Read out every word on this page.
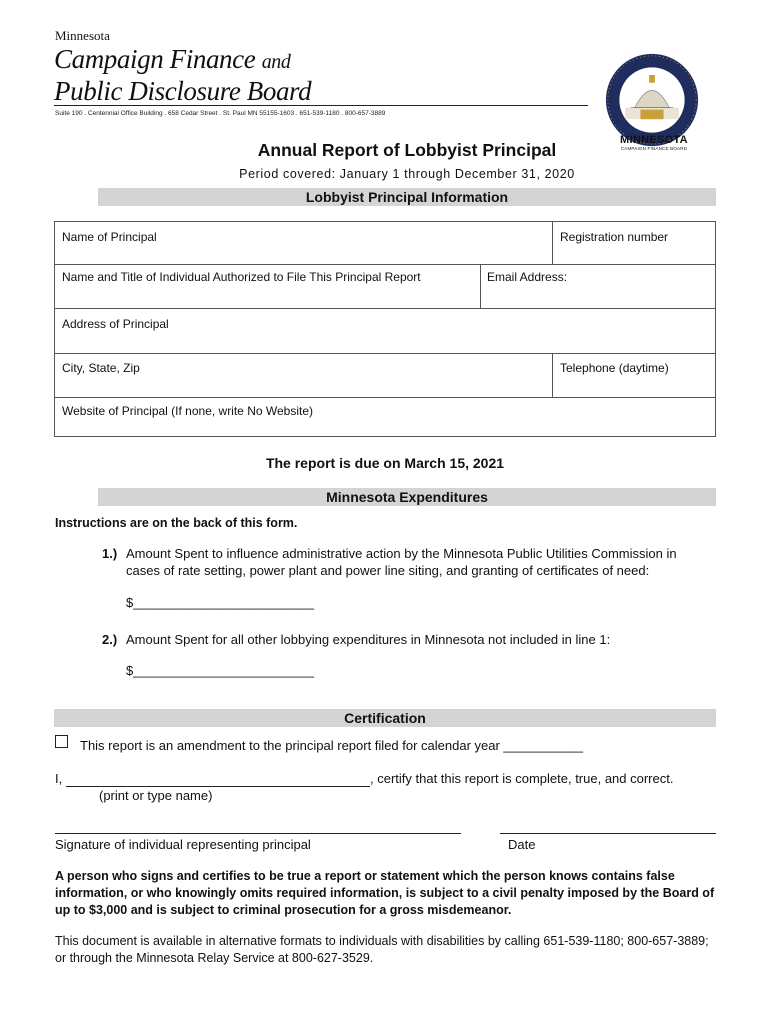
Minnesota
Campaign Finance and
Public Disclosure Board
Suite 190 . Centennial Office Building . 658 Cedar Street . St. Paul MN 55155-1603 . 651-539-1180 . 800-657-3889
MINNESOTA
CAMPAIGN FINANCE BOARD
Annual Report of Lobbyist Principal
Period covered: January 1 through December 31, 2020
Lobbyist Principal Information
Name of Principal	Registration number
Name and Title of Individual Authorized to File This Principal Report	Email Address:
Address of Principal
City, State, Zip	Telephone (daytime)
Website of Principal (If none, write No Website)
The report is due on March 15, 2021
Minnesota Expenditures
Instructions are on the back of this form.
1.) Amount Spent to influence administrative action by the Minnesota Public Utilities Commission in
cases of rate setting, power plant and power line siting, and granting of certificates of need:
$_________________________
2.) Amount Spent for all other lobbying expenditures in Minnesota not included in line 1:
$_________________________
Certification
This report is an amendment to the principal report filed for calendar year ___________
I,	, certify that this report is complete, true, and correct.
(print or type name)
Signature of individual representing principal	Date
A person who signs and certifies to be true a report or statement which the person knows contains false information, or who knowingly omits required information, is subject to a civil penalty imposed by the Board of up to $3,000 and is subject to criminal prosecution for a gross misdemeanor.
This document is available in alternative formats to individuals with disabilities by calling 651-539-1180; 800-657-3889; or through the Minnesota Relay Service at 800-627-3529.
